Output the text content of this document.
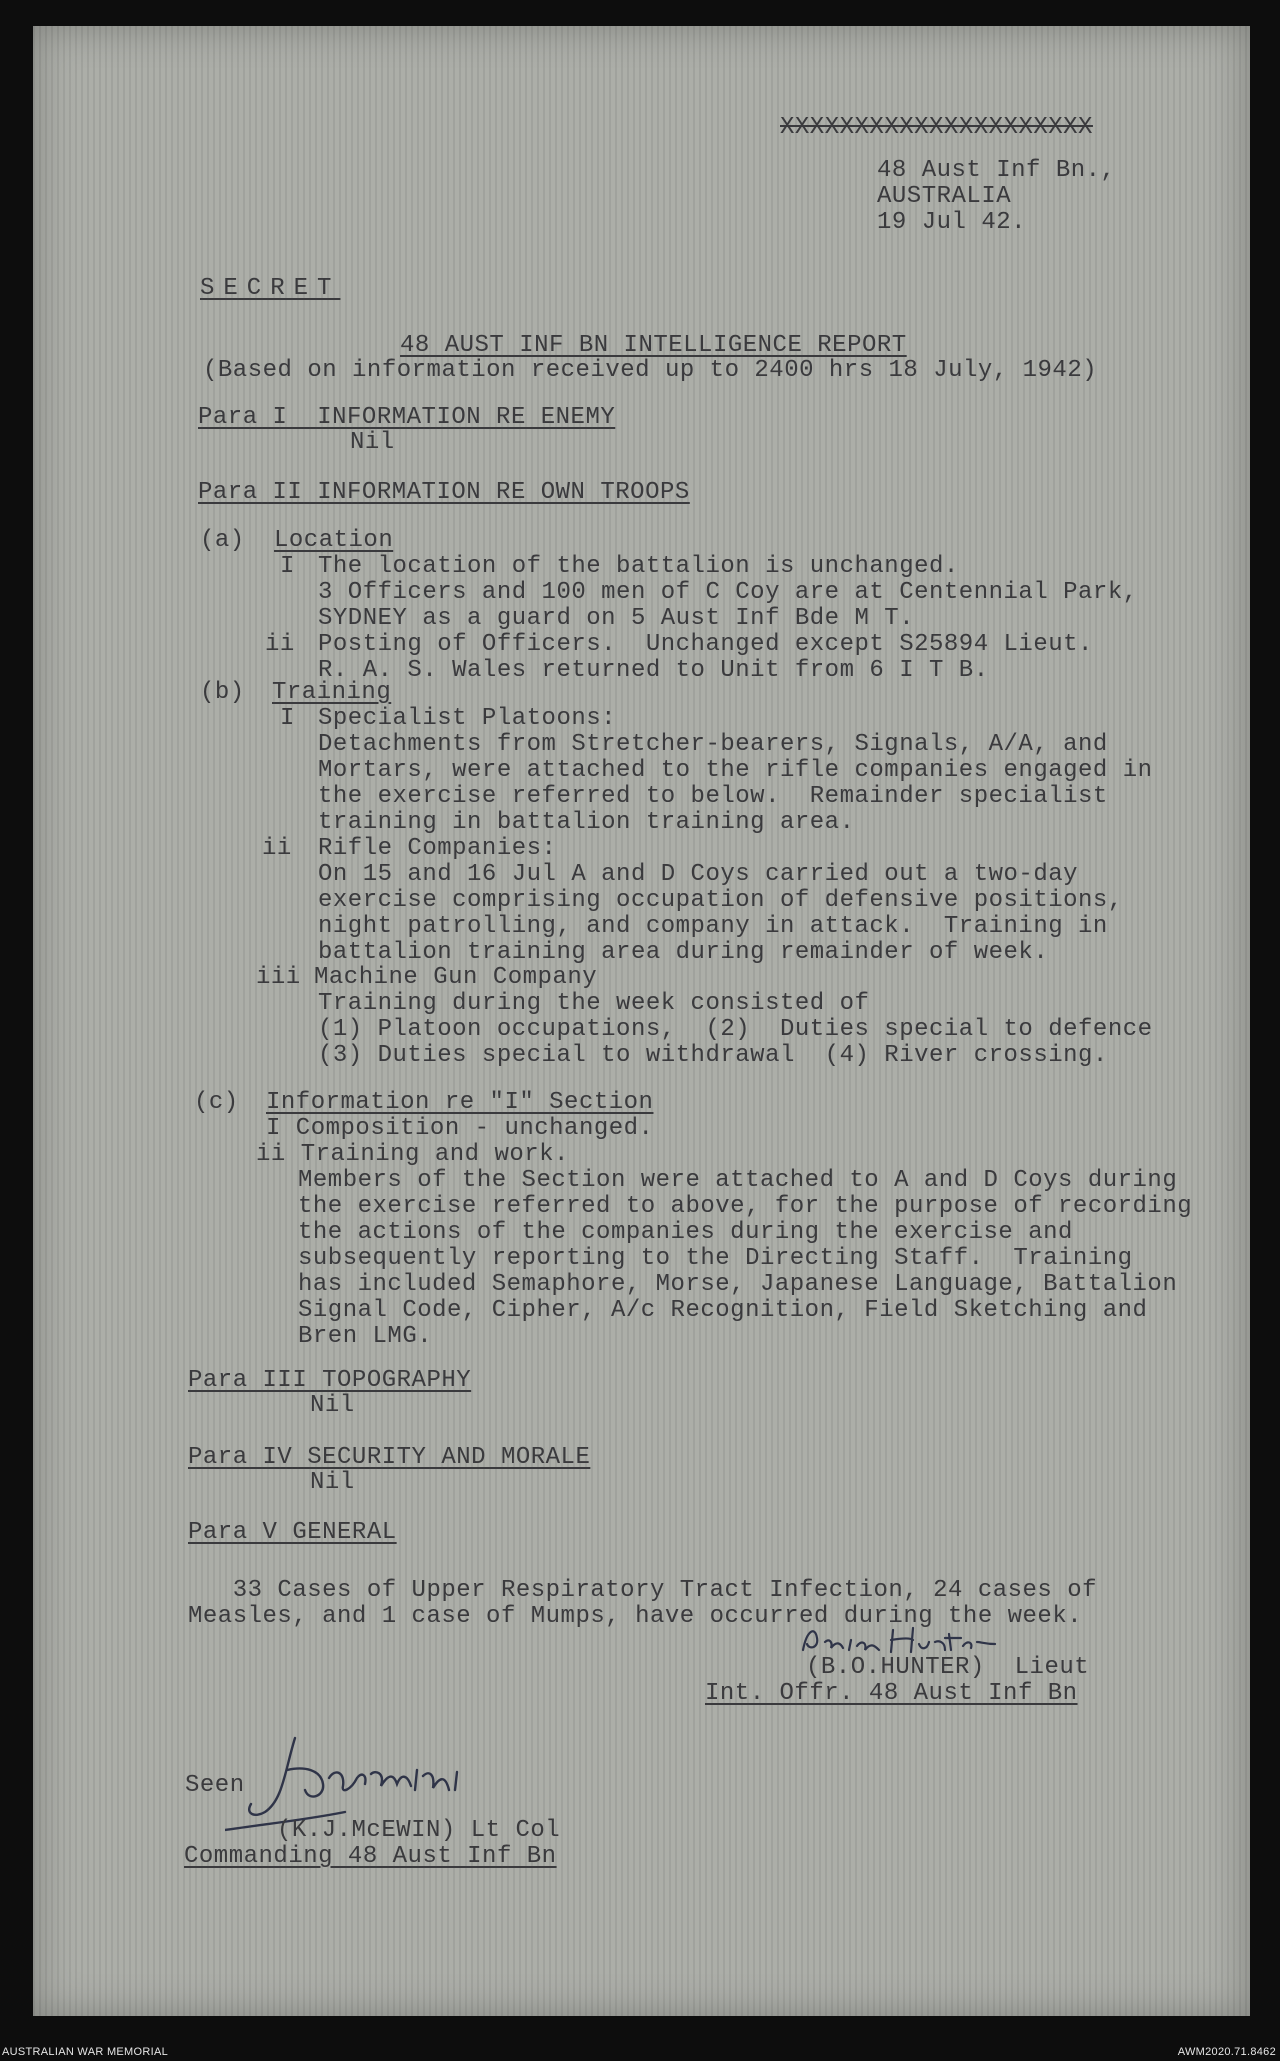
XXXXXXXXXXXXXXXXXXXXX
48 Aust Inf Bn.,
AUSTRALIA
19 Jul 42.
SECRET
48 AUST INF BN INTELLIGENCE REPORT
(Based on information received up to 2400 hrs 18 July, 1942)
Para I  INFORMATION RE ENEMY
Nil
Para II INFORMATION RE OWN TROOPS
(a) Location
I The location of the battalion is unchanged.
3 Officers and 100 men of C Coy are at Centennial Park,
SYDNEY as a guard on 5 Aust Inf Bde M T.
ii Posting of Officers.  Unchanged except S25894 Lieut.
R. A. S. Wales returned to Unit from 6 I T B.
(b) Training
I Specialist Platoons:
Detachments from Stretcher-bearers, Signals, A/A, and
Mortars, were attached to the rifle companies engaged in
the exercise referred to below.  Remainder specialist
training in battalion training area.
ii Rifle Companies:
On 15 and 16 Jul A and D Coys carried out a two-day
exercise comprising occupation of defensive positions,
night patrolling, and company in attack.  Training in
battalion training area during remainder of week.
iii Machine Gun Company
Training during the week consisted of
(1) Platoon occupations,  (2)  Duties special to defence
(3) Duties special to withdrawal  (4) River crossing.
(c) Information re "I" Section
I Composition - unchanged.
ii Training and work.
Members of the Section were attached to A and D Coys during
the exercise referred to above, for the purpose of recording
the actions of the companies during the exercise and
subsequently reporting to the Directing Staff.  Training
has included Semaphore, Morse, Japanese Language, Battalion
Signal Code, Cipher, A/c Recognition, Field Sketching and
Bren LMG.
Para III TOPOGRAPHY
Nil
Para IV SECURITY AND MORALE
Nil
Para V GENERAL
33 Cases of Upper Respiratory Tract Infection, 24 cases of
Measles, and 1 case of Mumps, have occurred during the week.
(B.O.HUNTER)  Lieut
Int. Offr. 48 Aust Inf Bn
Seen
(K.J.McEWIN) Lt Col
Commanding 48 Aust Inf Bn
AUSTRALIAN WAR MEMORIAL	AWM2020.71.8462
